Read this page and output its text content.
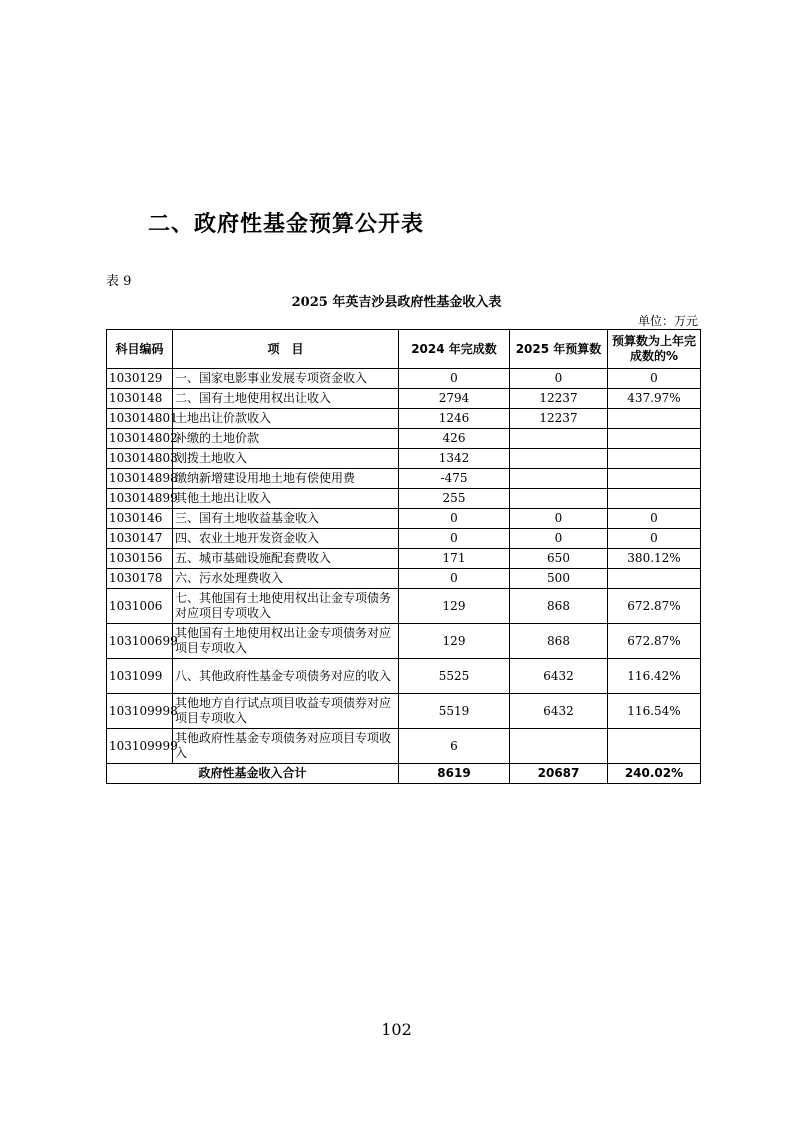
二、政府性基金预算公开表
表 9
2025 年英吉沙县政府性基金收入表
单位：万元
科目编码	项　目	2024 年完成数	2025 年预算数	预算数为上年完成数的%
1030129	一、国家电影事业发展专项资金收入	0	0	0
1030148	二、国有土地使用权出让收入	2794	12237	437.97%
103014801	土地出让价款收入	1246	12237	
103014802	补缴的土地价款	426		
103014803	划拨土地收入	1342		
103014898	缴纳新增建设用地土地有偿使用费	-475		
103014899	其他土地出让收入	255		
1030146	三、国有土地收益基金收入	0	0	0
1030147	四、农业土地开发资金收入	0	0	0
1030156	五、城市基础设施配套费收入	171	650	380.12%
1030178	六、污水处理费收入	0	500	
1031006	七、其他国有土地使用权出让金专项债务对应项目专项收入	129	868	672.87%
103100699	其他国有土地使用权出让金专项债务对应项目专项收入	129	868	672.87%
1031099	八、其他政府性基金专项债务对应的收入	5525	6432	116.42%
103109998	其他地方自行试点项目收益专项债券对应项目专项收入	5519	6432	116.54%
103109999	其他政府性基金专项债务对应项目专项收入	6		
政府性基金收入合计		8619	20687	240.02%
102
